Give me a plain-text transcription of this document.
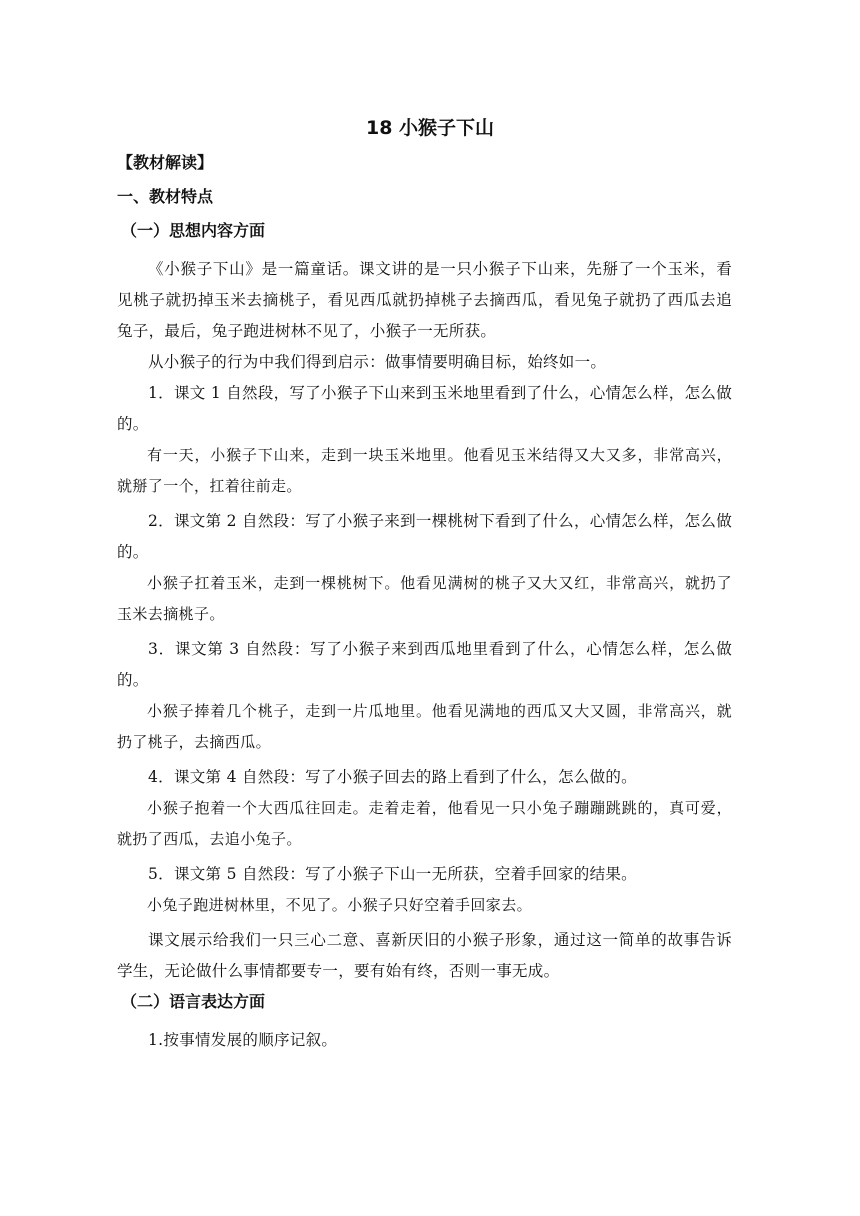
18 小猴子下山
【教材解读】
一、教材特点
（一）思想内容方面

《小猴子下山》是一篇童话。课文讲的是一只小猴子下山来，先掰了一个玉米，看见桃子就扔掉玉米去摘桃子，看见西瓜就扔掉桃子去摘西瓜，看见兔子就扔了西瓜去追兔子，最后，兔子跑进树林不见了，小猴子一无所获。

从小猴子的行为中我们得到启示：做事情要明确目标，始终如一。

1．课文 1 自然段，写了小猴子下山来到玉米地里看到了什么，心情怎么样，怎么做的。

有一天，小猴子下山来，走到一块玉米地里。他看见玉米结得又大又多，非常高兴，就掰了一个，扛着往前走。

2．课文第 2 自然段：写了小猴子来到一棵桃树下看到了什么，心情怎么样，怎么做的。

小猴子扛着玉米，走到一棵桃树下。他看见满树的桃子又大又红，非常高兴，就扔了玉米去摘桃子。

3．课文第 3 自然段：写了小猴子来到西瓜地里看到了什么，心情怎么样，怎么做的。

小猴子捧着几个桃子，走到一片瓜地里。他看见满地的西瓜又大又圆，非常高兴，就扔了桃子，去摘西瓜。

4．课文第 4 自然段：写了小猴子回去的路上看到了什么，怎么做的。

小猴子抱着一个大西瓜往回走。走着走着，他看见一只小兔子蹦蹦跳跳的，真可爱，就扔了西瓜，去追小兔子。

5．课文第 5 自然段：写了小猴子下山一无所获，空着手回家的结果。

小兔子跑进树林里，不见了。小猴子只好空着手回家去。

课文展示给我们一只三心二意、喜新厌旧的小猴子形象，通过这一简单的故事告诉学生，无论做什么事情都要专一，要有始有终，否则一事无成。

（二）语言表达方面

1.按事情发展的顺序记叙。
